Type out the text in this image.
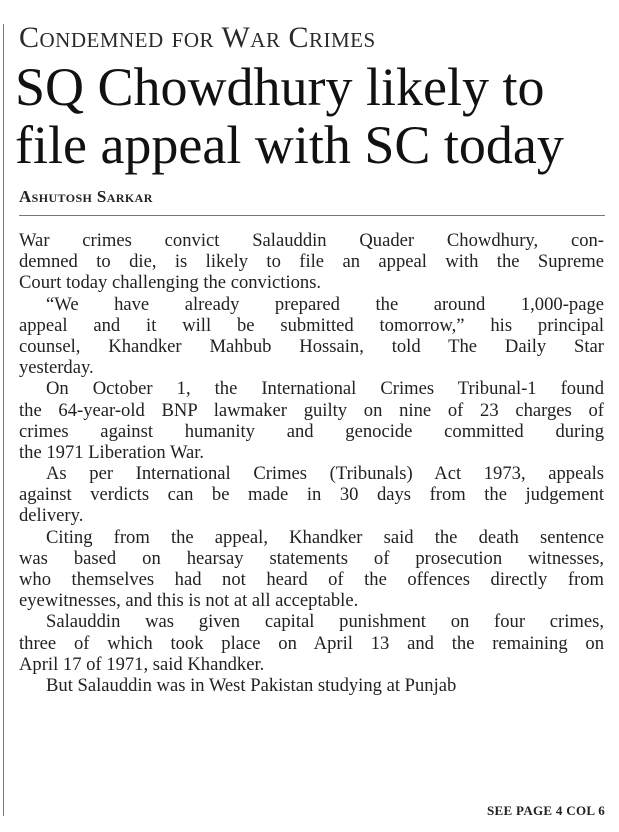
Condemned for War Crimes
SQ Chowdhury likely to
file appeal with SC today
Ashutosh Sarkar
War crimes convict Salauddin Quader Chowdhury, con-
demned to die, is likely to file an appeal with the Supreme
Court today challenging the convictions.
“We have already prepared the around 1,000-page
appeal and it will be submitted tomorrow,” his principal
counsel, Khandker Mahbub Hossain, told The Daily Star
yesterday.
On October 1, the International Crimes Tribunal-1 found
the 64-year-old BNP lawmaker guilty on nine of 23 charges of
crimes against humanity and genocide committed during
the 1971 Liberation War.
As per International Crimes (Tribunals) Act 1973, appeals
against verdicts can be made in 30 days from the judgement
delivery.
Citing from the appeal, Khandker said the death sentence
was based on hearsay statements of prosecution witnesses,
who themselves had not heard of the offences directly from
eyewitnesses, and this is not at all acceptable.
Salauddin was given capital punishment on four crimes,
three of which took place on April 13 and the remaining on
April 17 of 1971, said Khandker.
But Salauddin was in West Pakistan studying at Punjab
SEE PAGE 4 COL 6
